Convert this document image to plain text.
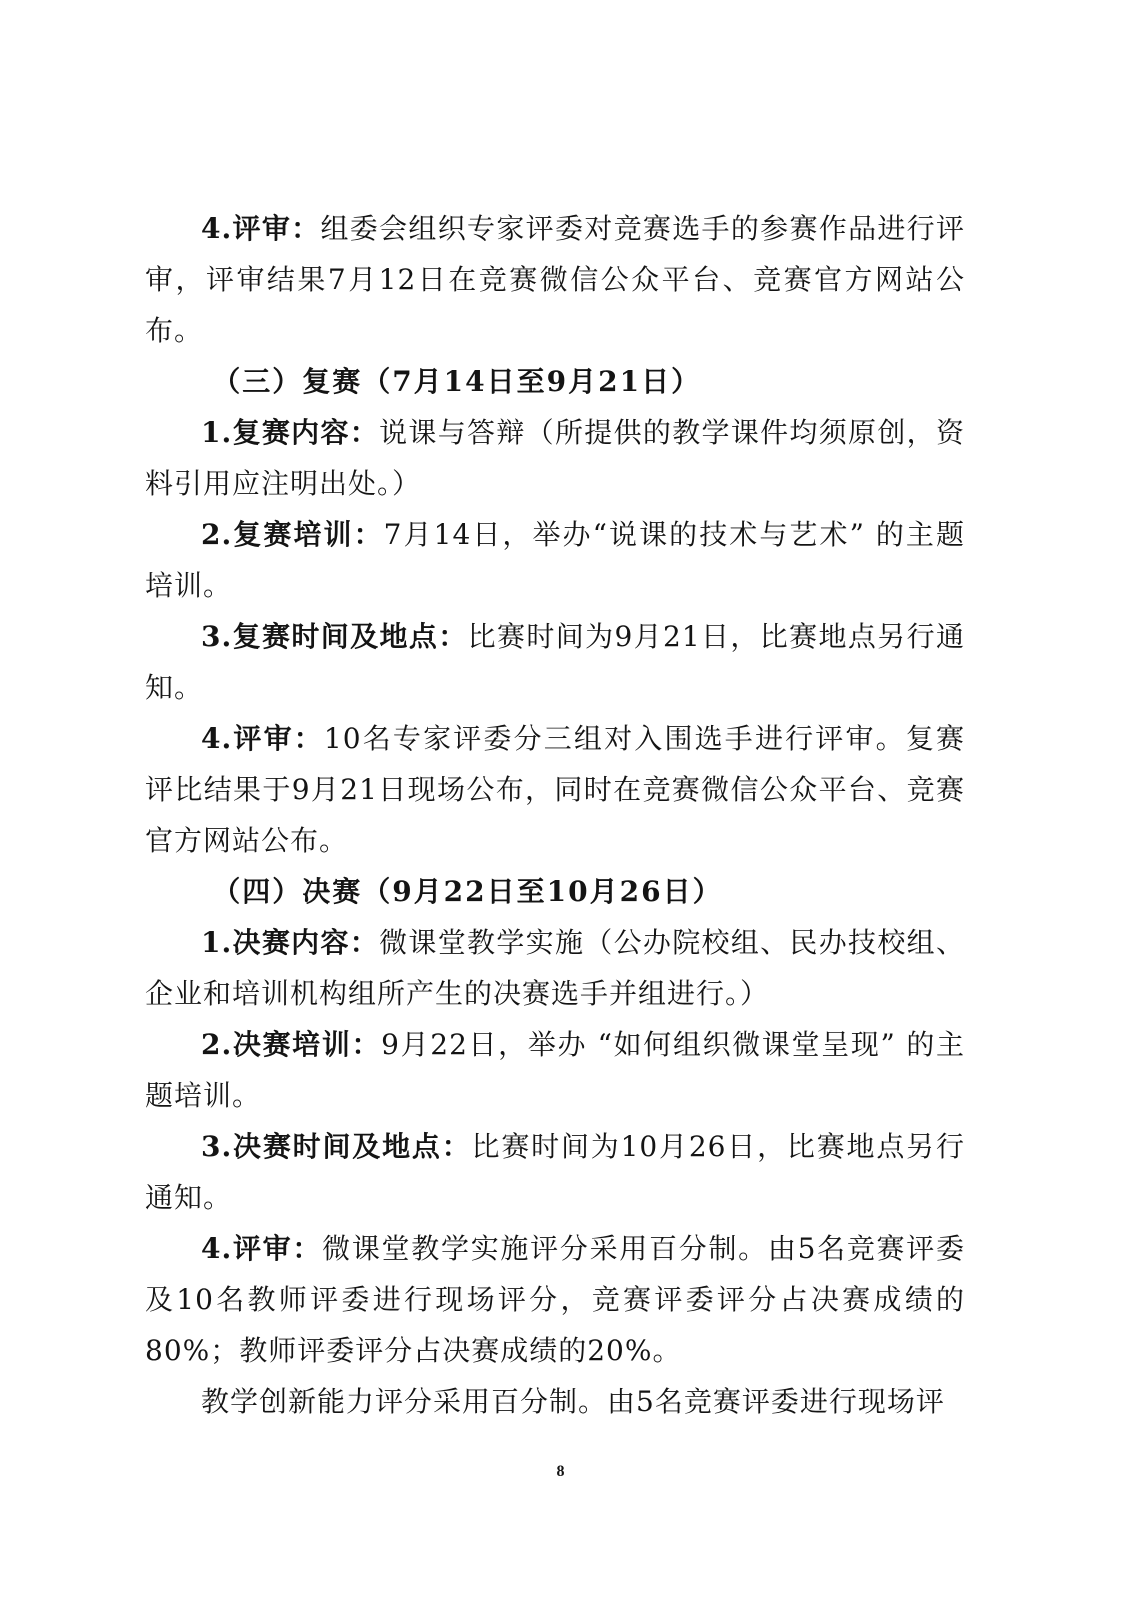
4.评审：组委会组织专家评委对竞赛选手的参赛作品进行评审，评审结果7月12日在竞赛微信公众平台、竞赛官方网站公布。

（三）复赛（7月14日至9月21日）

1.复赛内容：说课与答辩（所提供的教学课件均须原创，资料引用应注明出处。）

2.复赛培训：7月14日，举办“说课的技术与艺术” 的主题培训。

3.复赛时间及地点：比赛时间为9月21日，比赛地点另行通知。

4.评审：10名专家评委分三组对入围选手进行评审。复赛评比结果于9月21日现场公布，同时在竞赛微信公众平台、竞赛官方网站公布。

（四）决赛（9月22日至10月26日）

1.决赛内容：微课堂教学实施（公办院校组、民办技校组、企业和培训机构组所产生的决赛选手并组进行。）

2.决赛培训：9月22日，举办 “如何组织微课堂呈现” 的主题培训。

3.决赛时间及地点：比赛时间为10月26日，比赛地点另行通知。

4.评审：微课堂教学实施评分采用百分制。由5名竞赛评委及10名教师评委进行现场评分，竞赛评委评分占决赛成绩的80%；教师评委评分占决赛成绩的20%。

教学创新能力评分采用百分制。由5名竞赛评委进行现场评

8
